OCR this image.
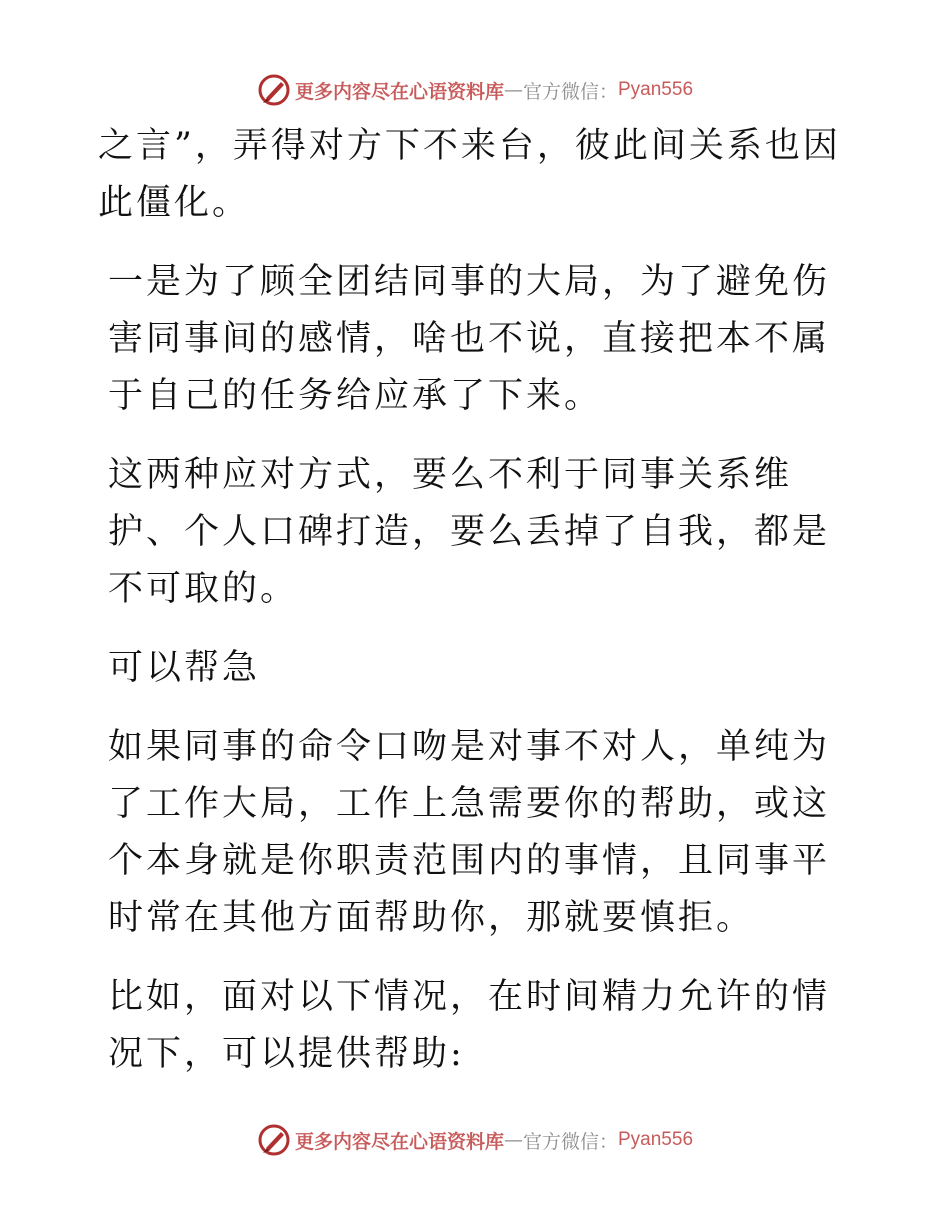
更多内容尽在心语资料库 — 官方微信： Pyan556

之言”，弄得对方下不来台，彼此间关系也因此僵化。

一是为了顾全团结同事的大局，为了避免伤害同事间的感情，啥也不说，直接把本不属于自己的任务给应承了下来。

这两种应对方式，要么不利于同事关系维护、个人口碑打造，要么丢掉了自我，都是不可取的。

可以帮急

如果同事的命令口吻是对事不对人，单纯为了工作大局，工作上急需要你的帮助，或这个本身就是你职责范围内的事情，且同事平时常在其他方面帮助你，那就要慎拒。

比如，面对以下情况，在时间精力允许的情况下，可以提供帮助:

更多内容尽在心语资料库 — 官方微信： Pyan556
